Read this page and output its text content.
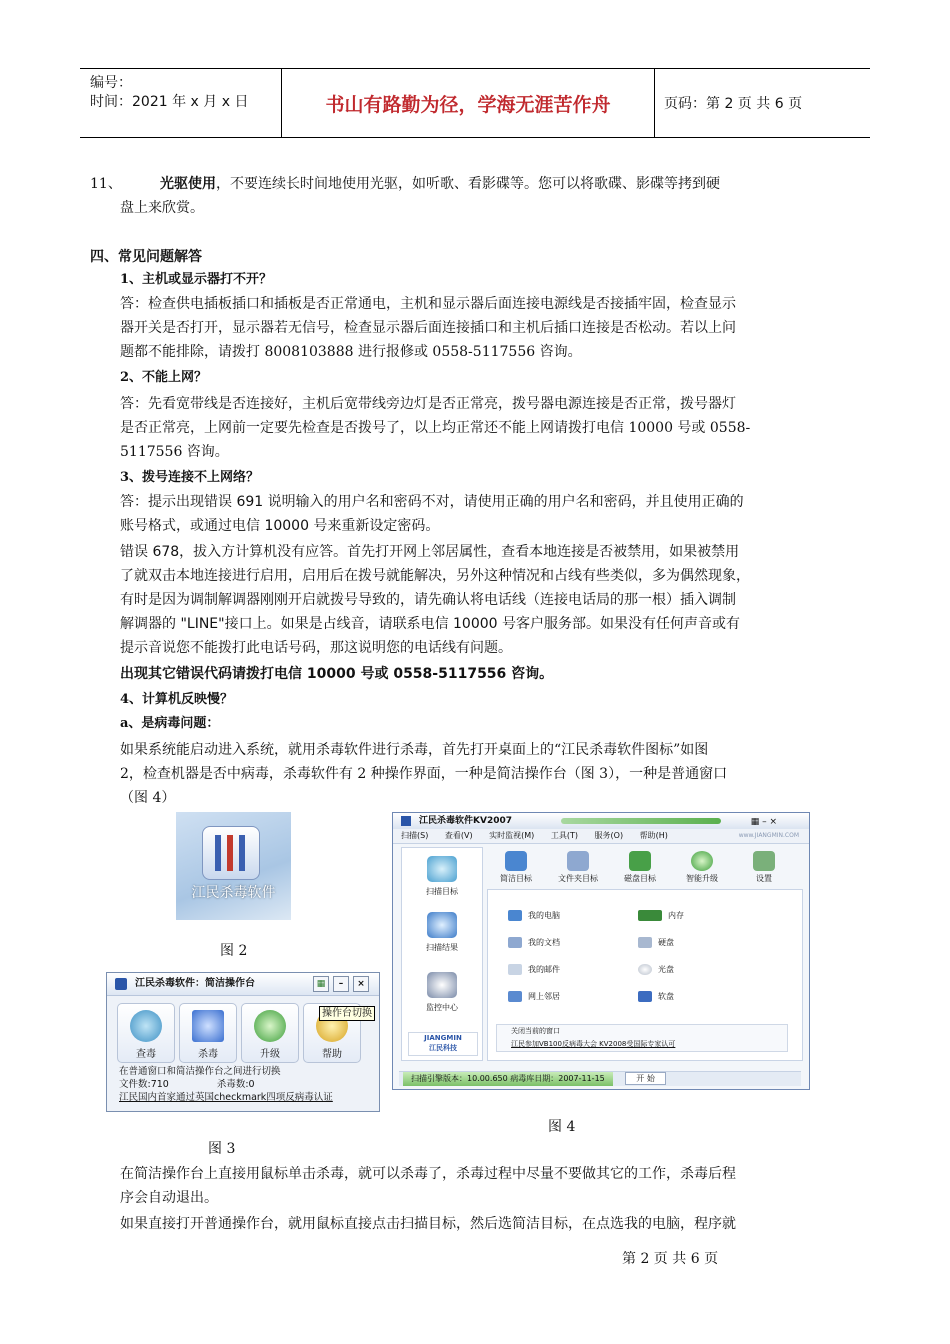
编号：
时间：2021 年 x 月 x 日	书山有路勤为径，学海无涯苦作舟	页码：第 2 页 共 6 页
11、	光驱使用，不要连续长时间地使用光驱，如听歌、看影碟等。您可以将歌碟、影碟等拷到硬
盘上来欣赏。
四、常见问题解答
1、主机或显示器打不开？
答：检查供电插板插口和插板是否正常通电，主机和显示器后面连接电源线是否接插牢固，检查显示
器开关是否打开，显示器若无信号，检查显示器后面连接插口和主机后插口连接是否松动。若以上问
题都不能排除，请拨打 8008103888 进行报修或 0558-5117556 咨询。
2、不能上网？
答：先看宽带线是否连接好，主机后宽带线旁边灯是否正常亮，拨号器电源连接是否正常，拨号器灯
是否正常亮，上网前一定要先检查是否拨号了，以上均正常还不能上网请拨打电信 10000 号或 0558-
5117556 咨询。
3、拨号连接不上网络？
答：提示出现错误 691 说明输入的用户名和密码不对，请使用正确的用户名和密码，并且使用正确的
账号格式，或通过电信 10000 号来重新设定密码。
错误 678，拔入方计算机没有应答。首先打开网上邻居属性，查看本地连接是否被禁用，如果被禁用
了就双击本地连接进行启用，启用后在拨号就能解决，另外这种情况和占线有些类似，多为偶然现象，
有时是因为调制解调器刚刚开启就拨号导致的，请先确认将电话线（连接电话局的那一根）插入调制
解调器的 "LINE"接口上。如果是占线音，请联系电信 10000 号客户服务部。如果没有任何声音或有
提示音说您不能拨打此电话号码，那这说明您的电话线有问题。
出现其它错误代码请拨打电信 10000 号或 0558-5117556 咨询。
4、计算机反映慢？
a、是病毒问题：
如果系统能启动进入系统，就用杀毒软件进行杀毒，首先打开桌面上的“江民杀毒软件图标”如图
2，检查机器是否中病毒，杀毒软件有 2 种操作界面，一种是简洁操作台（图 3），一种是普通窗口
（图 4）
江民杀毒软件
图 2
江民杀毒软件：简洁操作台	▦	–	×
查毒	杀毒	升级	帮助
操作台切换
在普通窗口和简洁操作台之间进行切换
文件数:710	杀毒数:0
江民国内首家通过英国checkmark四项反病毒认证
图 3
江民杀毒软件KV2007	▦ – ×
扫描(S) 查看(V) 实时监视(M) 工具(T) 服务(O) 帮助(H)	www.JIANGMIN.COM
扫描目标
扫描结果
监控中心
JIANGMIN
江民科技
简洁目标	文件夹目标	磁盘目标	智能升级	设置
我的电脑
我的文档
我的邮件
网上邻居
内存
硬盘
光盘
软盘
关闭当前的窗口
江民参加VB100反病毒大会 KV2008受国际专家认可
扫描引擎版本：10.00.650 病毒库日期：2007-11-15	开 始
图 4
在简洁操作台上直接用鼠标单击杀毒，就可以杀毒了，杀毒过程中尽量不要做其它的工作，杀毒后程
序会自动退出。
如果直接打开普通操作台，就用鼠标直接点击扫描目标，然后选简洁目标，在点选我的电脑，程序就
第 2 页 共 6 页
